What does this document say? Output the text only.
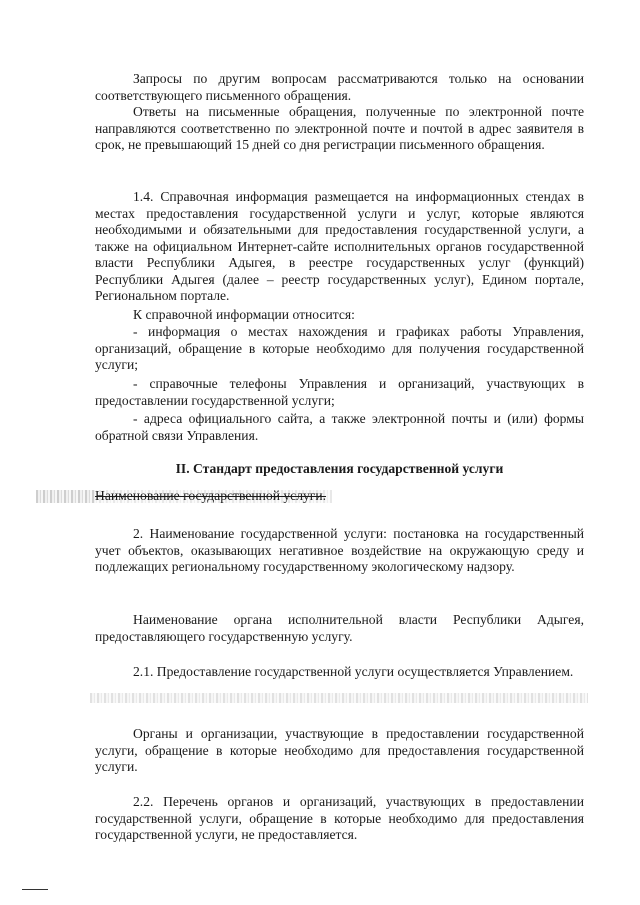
Запросы по другим вопросам рассматриваются только на основании соответствующего письменного обращения.

Ответы на письменные обращения, полученные по электронной почте направляются соответственно по электронной почте и почтой в адрес заявителя в срок, не превышающий 15 дней со дня регистрации письменного обращения.

1.4. Справочная информация размещается на информационных стендах в местах предоставления государственной услуги и услуг, которые являются необходимыми и обязательными для предоставления государственной услуги, а также на официальном Интернет-сайте исполнительных органов государственной власти Республики Адыгея, в реестре государственных услуг (функций) Республики Адыгея (далее – реестр государственных услуг), Едином портале, Региональном портале.

К справочной информации относится:

- информация о местах нахождения и графиках работы Управления, организаций, обращение в которые необходимо для получения государственной услуги;

- справочные телефоны Управления и организаций, участвующих в предоставлении государственной услуги;

- адреса официального сайта, а также электронной почты и (или) формы обратной связи Управления.

II. Стандарт предоставления государственной услуги

Наименование государственной услуги.

2. Наименование государственной услуги: постановка на государственный учет объектов, оказывающих негативное воздействие на окружающую среду и подлежащих региональному государственному экологическому надзору.

Наименование органа исполнительной власти Республики Адыгея, предоставляющего государственную услугу.

2.1. Предоставление государственной услуги осуществляется Управлением.

Органы и организации, участвующие в предоставлении государственной услуги, обращение в которые необходимо для предоставления государственной услуги.

2.2. Перечень органов и организаций, участвующих в предоставлении государственной услуги, обращение в которые необходимо для предоставления государственной услуги, не предоставляется.
